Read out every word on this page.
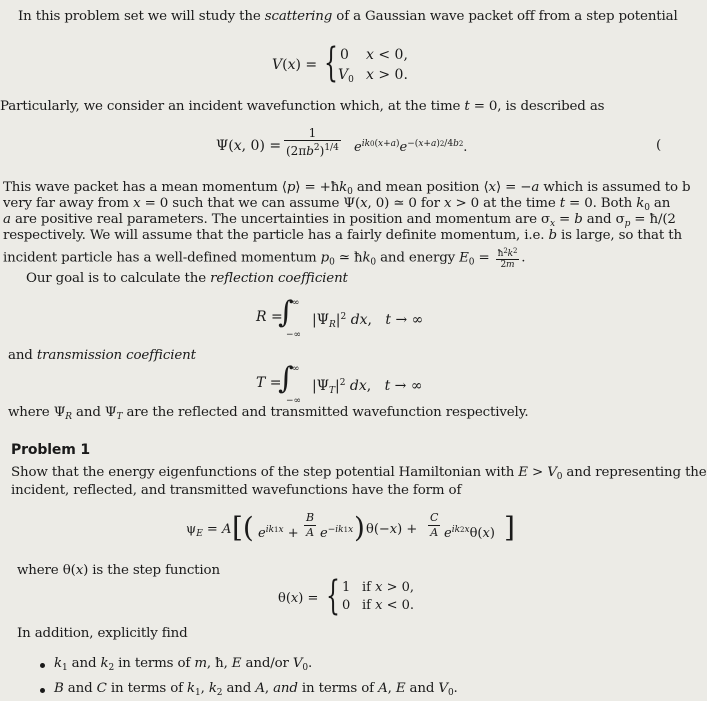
In this problem set we will study the scattering of a Gaussian wave packet off from a step potential
V(x) = { 0 x < 0,
$V_0$ x > 0.
Particularly, we consider an incident wavefunction which, at the time t = 0, is described as
Ψ(x, $0) = \frac{1}{(2\pi b^2)^{1/4}} e^{ik0(x+a)}e^{-(x+a)2/4b2}$.	(
This wave packet has a mean momentum ⟨p⟩ = $+ħk_0$ and mean position ⟨x⟩ = −a which is assumed to b
very far away from x = 0 such that we can assume Ψ(x, 0) ≃ 0 for x > 0 at the time t = 0. Both $k_0$ an
a are positive real parameters. The uncertainties in position and momentum are $\sigma_x = b$ and $\sigma_p$ = ħ/(2
respectively. We will assume that the particle has a fairly definite momentum, i.e. b is large, so that th
incident particle has a well-defined momentum $p_0$ ≃ $ħk_0$ and energy $E_0 = \frac{ħ^2k^2}{2m}$ .
Our goal is to calculate the reflection coefficient
R =
∫
∞
−∞
$|\Psi_R|^2$ dx,   t → ∞
and transmission coefficient
T =
∫
∞
−∞
$|\Psi_T|^2$ dx,   t → ∞
where $\Psi_R$ and $\Psi_T$ are the reflected and transmitted wavefunction respectively.
Problem 1
Show that the energy eigenfunctions of the step potential Hamiltonian with $E > V_0$ and representing the
incident, reflected, and transmitted wavefunctions have the form of
$\psi_E = A$ [( $e^{ik1x} + \frac{B}{A} e^{-ik1x}$ ) $\theta(-x) + \frac{C}{A} e^{ik2x}\theta(x)$ ]
where θ(x) is the step function
θ(x) = { 1 if x > 0,
0 if x < 0.
In addition, explicitly find
$k_1$ and $k_2$ in terms of m, ħ, E and/or $V_0$.
B and C in terms of $k_1$, $k_2$ and A, and in terms of A, E and $V_0$.
